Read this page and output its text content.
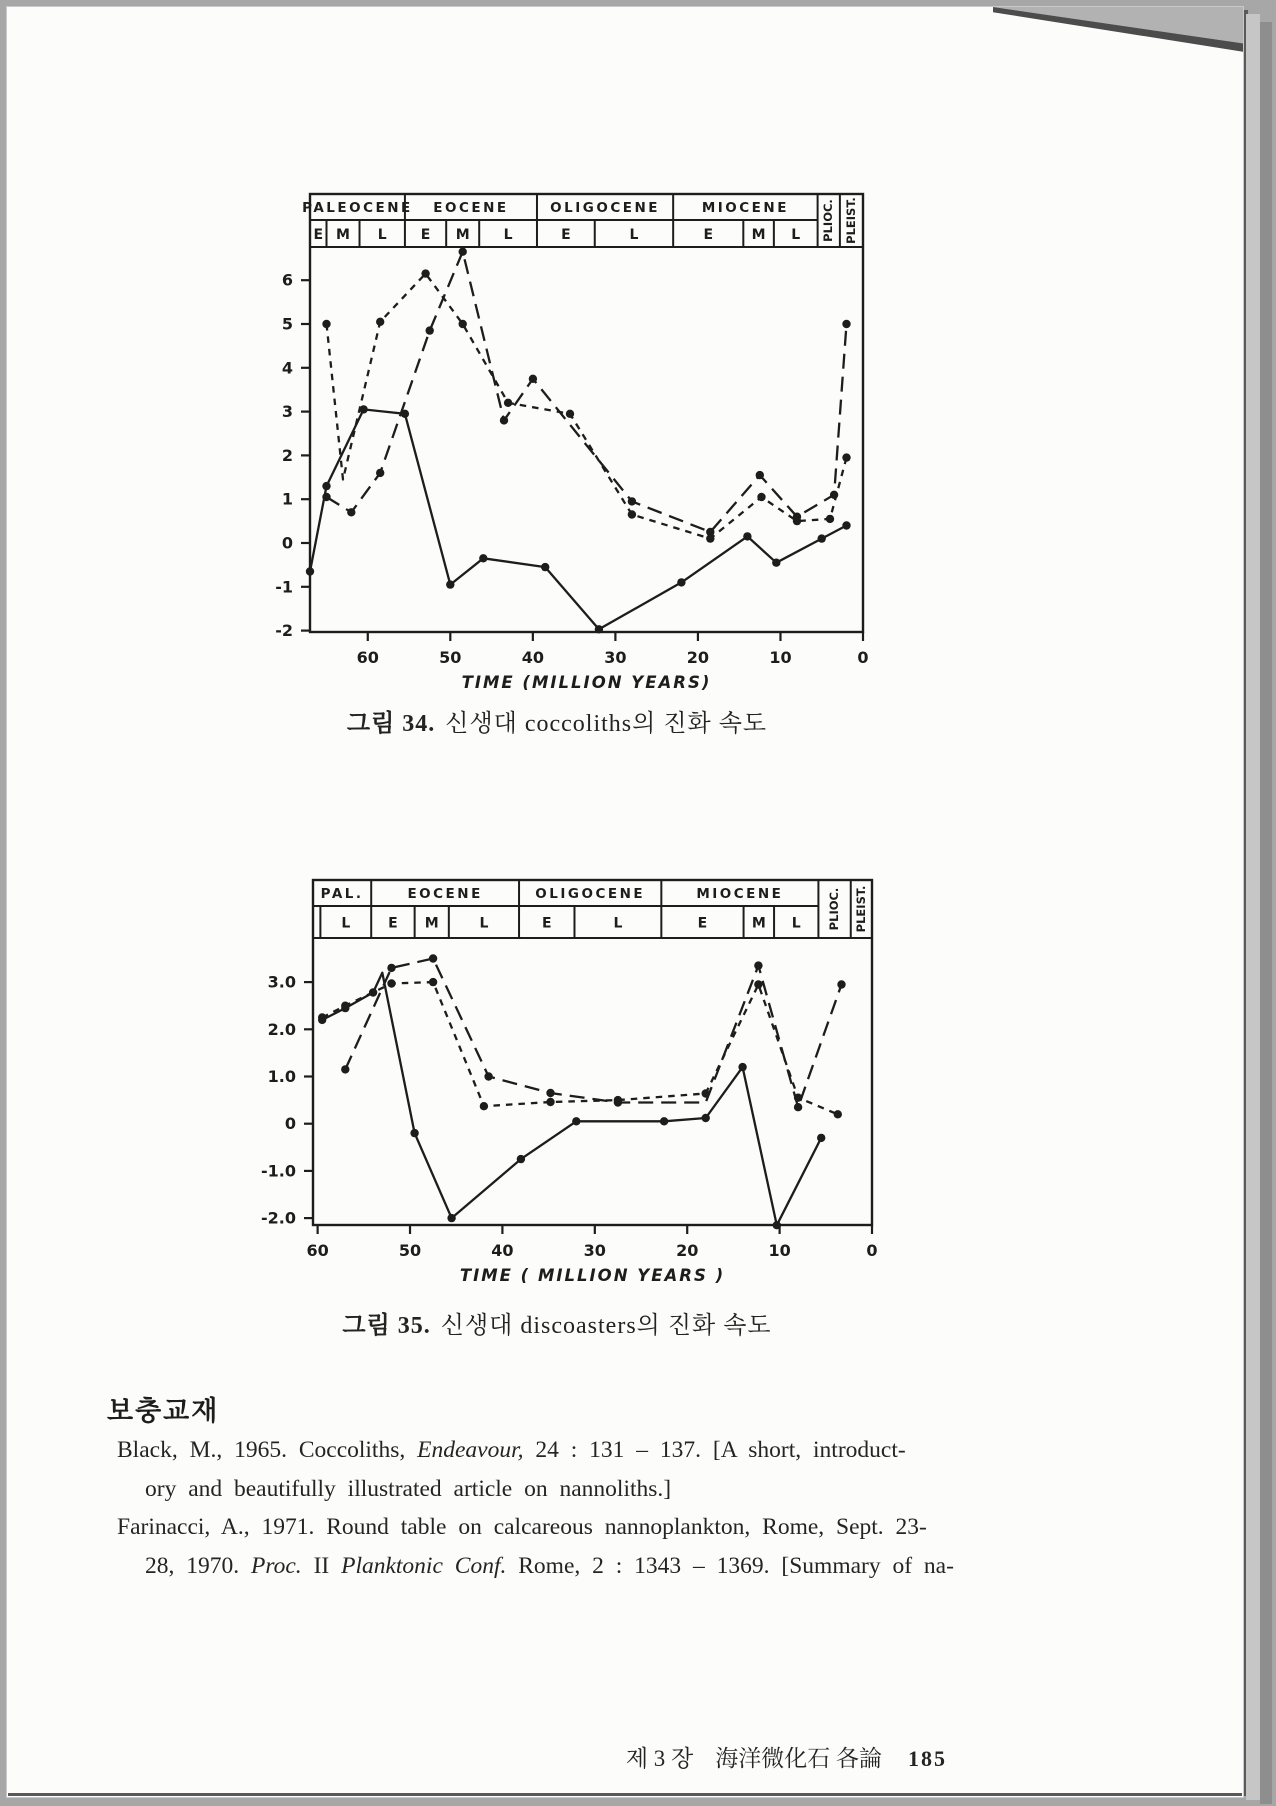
PALEOCENE
E M L
EOCENE
E M L
OLIGOCENE
E	L
MIOCENE
E	M L PLIOC. PLEIST.
6
5
4
3
2
1
0
-1
-2
60	50	40	30	20	10	0
TIME (MILLION YEARS)
그림 34. 신생대 coccoliths의 진화 속도
PAL.
L
EOCENE
E M	L
OLIGOCENE
E	L
MIOCENE
E	M L PLIOC. PLEIST.
3.0
2.0
1.0
0
-1.0
-2.0
60	50	40	30	20	10	0
TIME ( MILLION YEARS )
그림 35. 신생대 discoasters의 진화 속도
보충교재
Black, M., 1965. Coccoliths, Endeavour, 24 : 131 – 137. [A short, introduct-
ory and beautifully illustrated article on nannoliths.]
Farinacci, A., 1971. Round table on calcareous nannoplankton, Rome, Sept. 23-
28, 1970. Proc. II Planktonic Conf. Rome, 2 : 1343 – 1369. [Summary of na-
제 3 장 海洋微化石 各論 185
